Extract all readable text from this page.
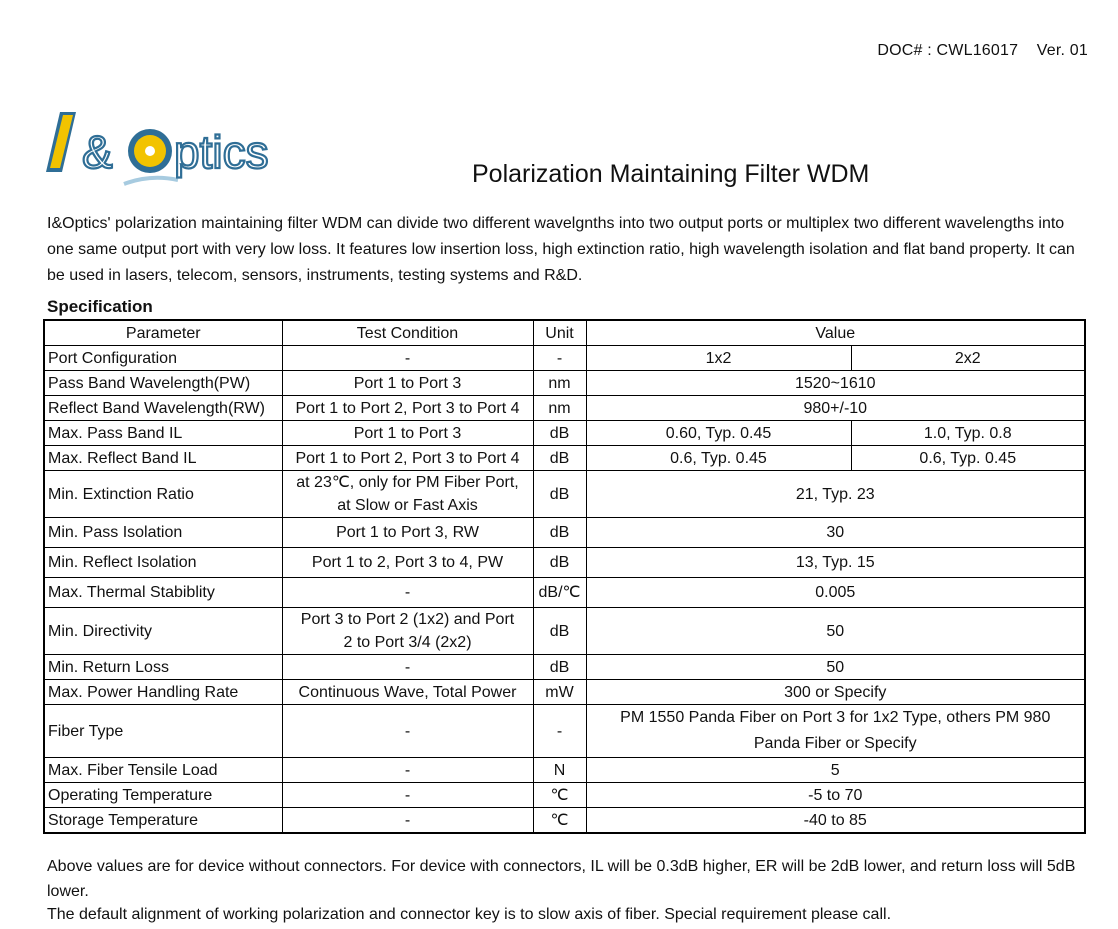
DOC# : CWL16017    Ver. 01
& ptics	Polarization Maintaining Filter WDM
I&Optics' polarization maintaining filter WDM can divide two different wavelgnths into two output ports or multiplex two different wavelengths into one same output port with very low loss. It features low insertion loss, high extinction ratio, high wavelength isolation and flat band property. It can be used in lasers, telecom, sensors, instruments, testing systems and R&D.
Specification
Parameter	Test Condition	Unit	Value	
Port Configuration	-	-	1x2	2x2
Pass Band Wavelength(PW)	Port 1 to Port 3	nm	1520~1610	
Reflect Band Wavelength(RW)	Port 1 to Port 2, Port 3 to Port 4	nm	980+/-10	
Max. Pass Band IL	Port 1 to Port 3	dB	0.60, Typ. 0.45	1.0, Typ. 0.8
Max. Reflect Band IL	Port 1 to Port 2, Port 3 to Port 4	dB	0.6, Typ. 0.45	0.6, Typ. 0.45
Min. Extinction Ratio	at 23℃, only for PM Fiber Port,
at Slow or Fast Axis	dB	21, Typ. 23	
Min. Pass Isolation	Port 1 to Port 3, RW	dB	30	
Min. Reflect Isolation	Port 1 to 2, Port 3 to 4, PW	dB	13, Typ. 15	
Max. Thermal Stabiblity	-	dB/℃	0.005	
Min. Directivity	Port 3 to Port 2 (1x2) and Port
2 to Port 3/4 (2x2)	dB	50	
Min. Return Loss	-	dB	50	
Max. Power Handling Rate	Continuous Wave, Total Power	mW	300 or Specify	
Fiber Type	-	-	PM 1550 Panda Fiber on Port 3 for 1x2 Type, others PM 980
Panda Fiber or Specify	

Max. Fiber Tensile Load	-	N	5	
Operating Temperature	-	℃	-5 to 70	
Storage Temperature	-	℃	-40 to 85	

Above values are for device without connectors. For device with connectors, IL will be 0.3dB higher, ER will be 2dB lower, and return loss will 5dB lower.

The default alignment of working polarization and connector key is to slow axis of fiber. Special requirement please call.
